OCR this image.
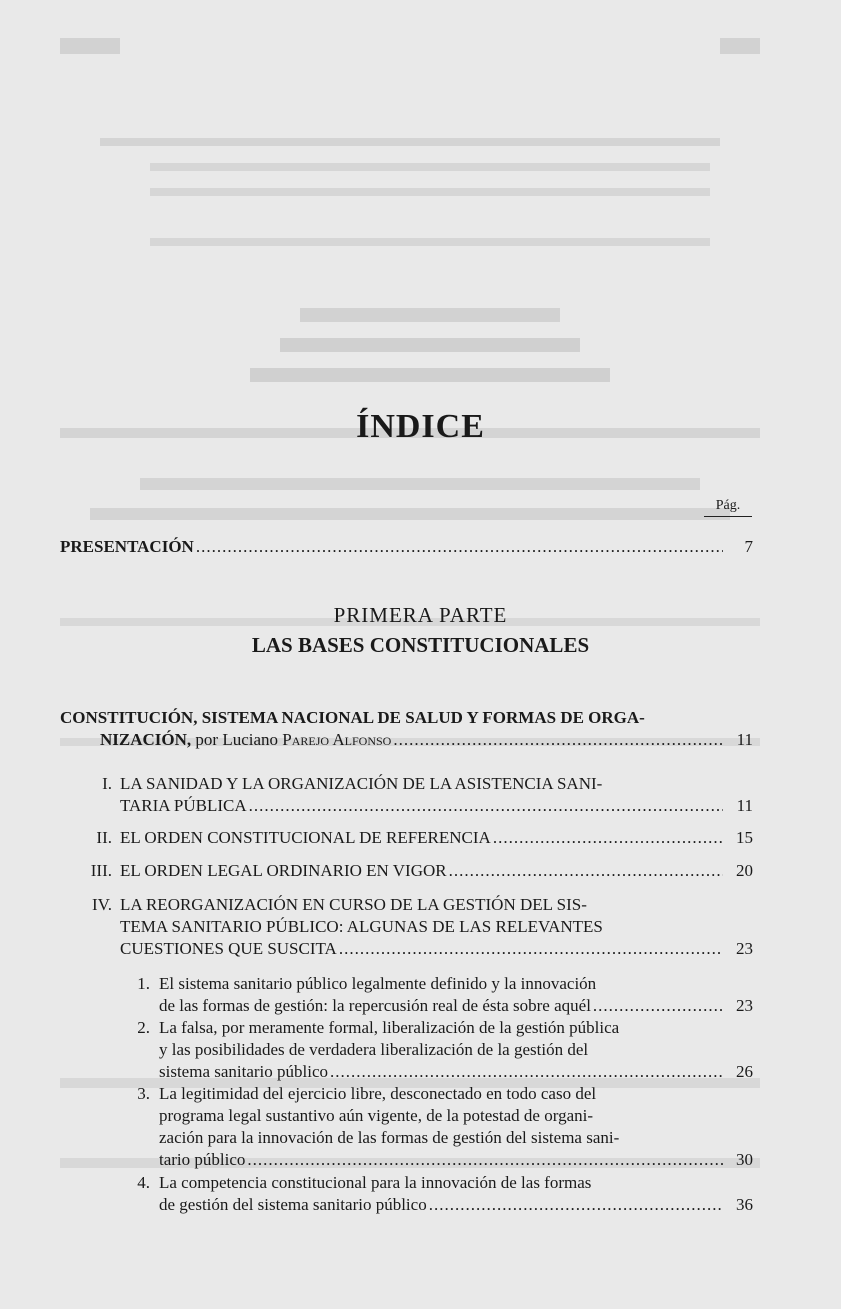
ÍNDICE
Pág.
PRESENTACIÓN .....	7
PRIMERA PARTE
LAS BASES CONSTITUCIONALES
CONSTITUCIÓN, SISTEMA NACIONAL DE SALUD Y FORMAS DE ORGA-
NIZACIÓN, por Luciano Parejo Alfonso .....	11
I. LA SANIDAD Y LA ORGANIZACIÓN DE LA ASISTENCIA SANI-
TARIA PÚBLICA .....	11
II. EL ORDEN CONSTITUCIONAL DE REFERENCIA .....	15
III. EL ORDEN LEGAL ORDINARIO EN VIGOR .....	20
IV. LA REORGANIZACIÓN EN CURSO DE LA GESTIÓN DEL SIS-
TEMA SANITARIO PÚBLICO: ALGUNAS DE LAS RELEVANTES
CUESTIONES QUE SUSCITA .....	23
1. El sistema sanitario público legalmente definido y la innovación
de las formas de gestión: la repercusión real de ésta sobre aquél .....	23
2. La falsa, por meramente formal, liberalización de la gestión pública
y las posibilidades de verdadera liberalización de la gestión del
sistema sanitario público .....	26
3. La legitimidad del ejercicio libre, desconectado en todo caso del
programa legal sustantivo aún vigente, de la potestad de organi-
zación para la innovación de las formas de gestión del sistema sani-
tario público .....	30
4. La competencia constitucional para la innovación de las formas
de gestión del sistema sanitario público .....	36
